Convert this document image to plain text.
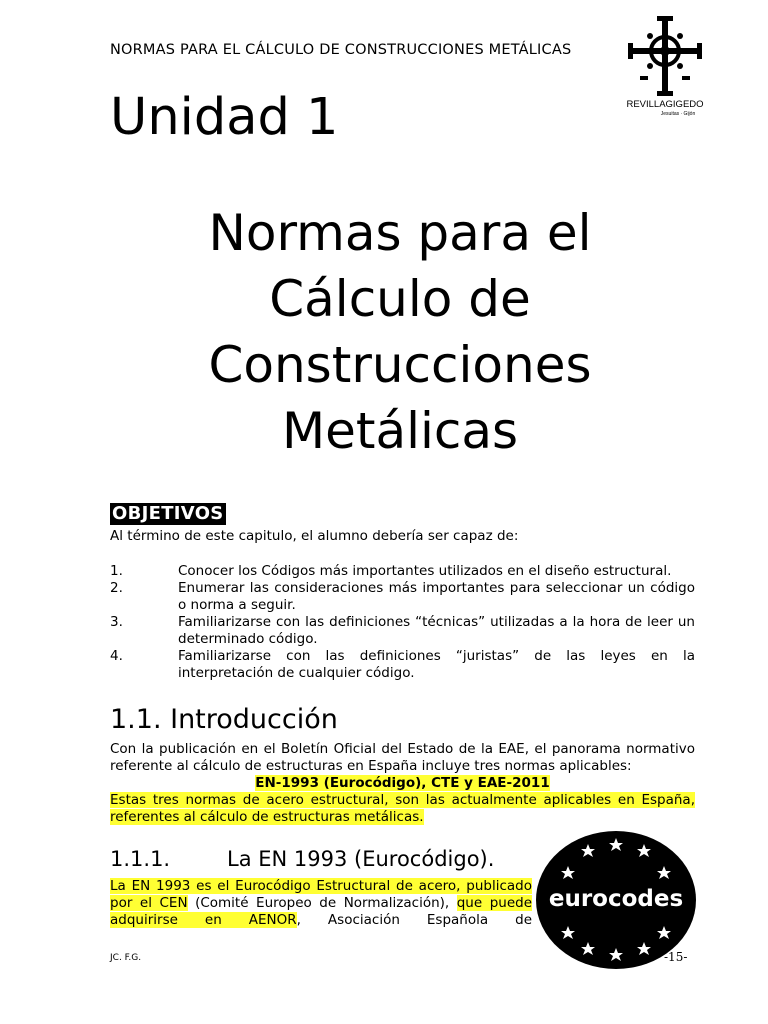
NORMAS PARA EL CÁLCULO DE CONSTRUCCIONES METÁLICAS
REVILLAGIGEDO
Jesuitas · Gijón
Unidad 1
Normas para el
Cálculo de
Construcciones
Metálicas
OBJETIVOS
Al término de este capitulo, el alumno debería ser capaz de:
1.	Conocer los Códigos más importantes utilizados en el diseño estructural.
2.	Enumerar las consideraciones más importantes para seleccionar un código o norma a seguir.
3.	Familiarizarse con las definiciones “técnicas” utilizadas a la hora de leer un determinado código.
4.	Familiarizarse con las definiciones “juristas” de las leyes en la interpretación de cualquier código.
1.1. Introducción
Con la publicación en el Boletín Oficial del Estado de la EAE, el panorama normativo referente al cálculo de estructuras en España incluye tres normas aplicables:
EN-1993 (Eurocódigo), CTE y EAE-2011
Estas tres normas de acero estructural, son las actualmente aplicables en España, referentes al cálculo de estructuras metálicas.
1.1.1.	La EN 1993 (Eurocódigo).
La EN 1993 es el Eurocódigo Estructural de acero, publicado por el CEN (Comité Europeo de Normalización), que puede adquirirse en AENOR, Asociación Española de
eurocodes
JC. F.G.	-15-
